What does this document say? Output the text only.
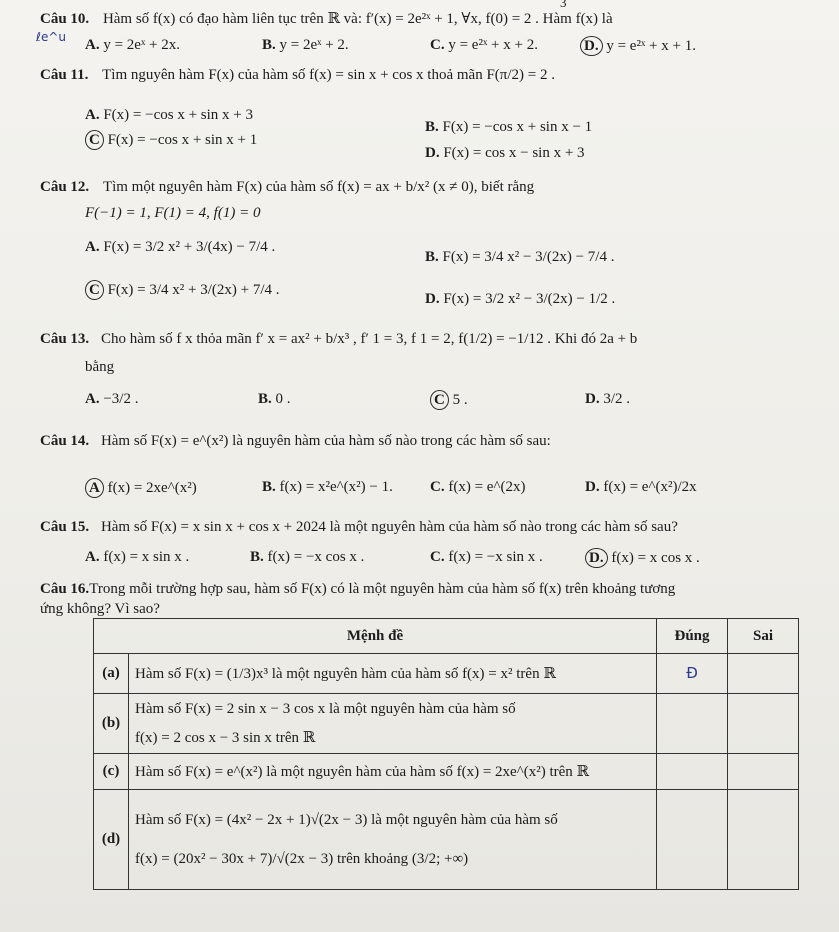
3
Câu 10. Hàm số f(x) có đạo hàm liên tục trên ℝ và: f′(x) = 2e²ˣ + 1, ∀x, f(0) = 2 . Hàm f(x) là
ℓe^u A. y = 2eˣ + 2x.	B. y = 2eˣ + 2.	C. y = e²ˣ + x + 2.	D. y = e²ˣ + x + 1.
Câu 11. Tìm nguyên hàm F(x) của hàm số f(x) = sin x + cos x thoả mãn F(π/2) = 2 .
A. F(x) = −cos x + sin x + 3
B. F(x) = −cos x + sin x − 1
C F(x) = −cos x + sin x + 1
D. F(x) = cos x − sin x + 3
Câu 12. Tìm một nguyên hàm F(x) của hàm số f(x) = ax + b/x² (x ≠ 0), biết rằng
F(−1) = 1, F(1) = 4, f(1) = 0
A. F(x) = 3/2 x² + 3/(4x) − 7/4 .
B. F(x) = 3/4 x² − 3/(2x) − 7/4 .
C F(x) = 3/4 x² + 3/(2x) + 7/4 .
D. F(x) = 3/2 x² − 3/(2x) − 1/2 .
Câu 13. Cho hàm số f x thỏa mãn f′ x = ax² + b/x³ , f′ 1 = 3, f 1 = 2, f(1/2) = −1/12 . Khi đó 2a + b
bằng
A. −3/2 .	B. 0 .	C 5 .	D. 3/2 .
Câu 14. Hàm số F(x) = e^(x²) là nguyên hàm của hàm số nào trong các hàm số sau:
A f(x) = 2xe^(x²)	B. f(x) = x²e^(x²) − 1. C. f(x) = e^(2x)	D. f(x) = e^(x²)/2x
Câu 15. Hàm số F(x) = x sin x + cos x + 2024 là một nguyên hàm của hàm số nào trong các hàm số sau?
A. f(x) = x sin x .	B. f(x) = −x cos x .	C. f(x) = −x sin x .	D. f(x) = x cos x .
Câu 16.Trong mỗi trường hợp sau, hàm số F(x) có là một nguyên hàm của hàm số f(x) trên khoảng tương
ứng không? Vì sao?
Mệnh đề		Đúng	Sai
(a)	Hàm số F(x) = (1/3)x³ là một nguyên hàm của hàm số f(x) = x² trên ℝ	Đ	
(b)	Hàm số F(x) = 2 sin x − 3 cos x là một nguyên hàm của hàm số
f(x) = 2 cos x − 3 sin x trên ℝ		

(c)	Hàm số F(x) = e^(x²) là một nguyên hàm của hàm số f(x) = 2xe^(x²) trên ℝ		
(d)	Hàm số F(x) = (4x² − 2x + 1)√(2x − 3) là một nguyên hàm của hàm số
f(x) = (20x² − 30x + 7)/√(2x − 3) trên khoảng (3/2; +∞)		
